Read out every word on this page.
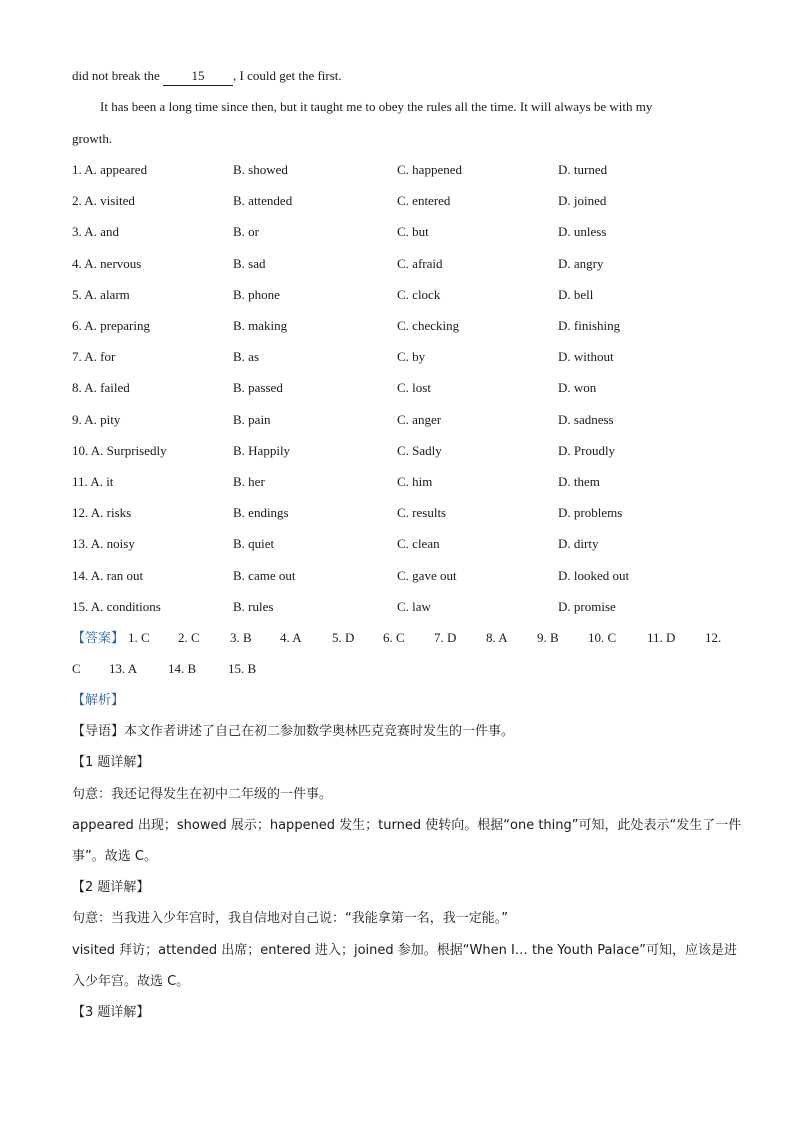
did not break the 15 , I could get the first.
It has been a long time since then, but it taught me to obey the rules all the time. It will always be with my
growth.
1. A. appeared	B. showed	C. happened	D. turned
2. A. visited	B. attended	C. entered	D. joined
3. A. and	B. or	C. but	D. unless
4. A. nervous	B. sad	C. afraid	D. angry
5. A. alarm	B. phone	C. clock	D. bell
6. A. preparing	B. making	C. checking	D. finishing
7. A. for	B. as	C. by	D. without
8. A. failed	B. passed	C. lost	D. won
9. A. pity	B. pain	C. anger	D. sadness
10. A. Surprisedly	B. Happily	C. Sadly	D. Proudly
11. A. it	B. her	C. him	D. them
12. A. risks	B. endings	C. results	D. problems
13. A. noisy	B. quiet	C. clean	D. dirty
14. A. ran out	B. came out	C. gave out	D. looked out
15. A. conditions	B. rules	C. law	D. promise
【答案】 1. C 2. C 3. B 4. A 5. D 6. C 7. D 8. A 9. B 10. C 11. D 12.
C 13. A 14. B 15. B
【解析】
【导语】本文作者讲述了自己在初二参加数学奥林匹克竞赛时发生的一件事。
【1 题详解】
句意：我还记得发生在初中二年级的一件事。
appeared 出现；showed 展示；happened 发生；turned 使转向。根据“one thing”可知，此处表示“发生了一件
事”。故选 C。
【2 题详解】
句意：当我进入少年宫时，我自信地对自己说：“我能拿第一名，我一定能。”
visited 拜访；attended 出席；entered 进入；joined 参加。根据“When I… the Youth Palace”可知，应该是进
入少年宫。故选 C。
【3 题详解】
